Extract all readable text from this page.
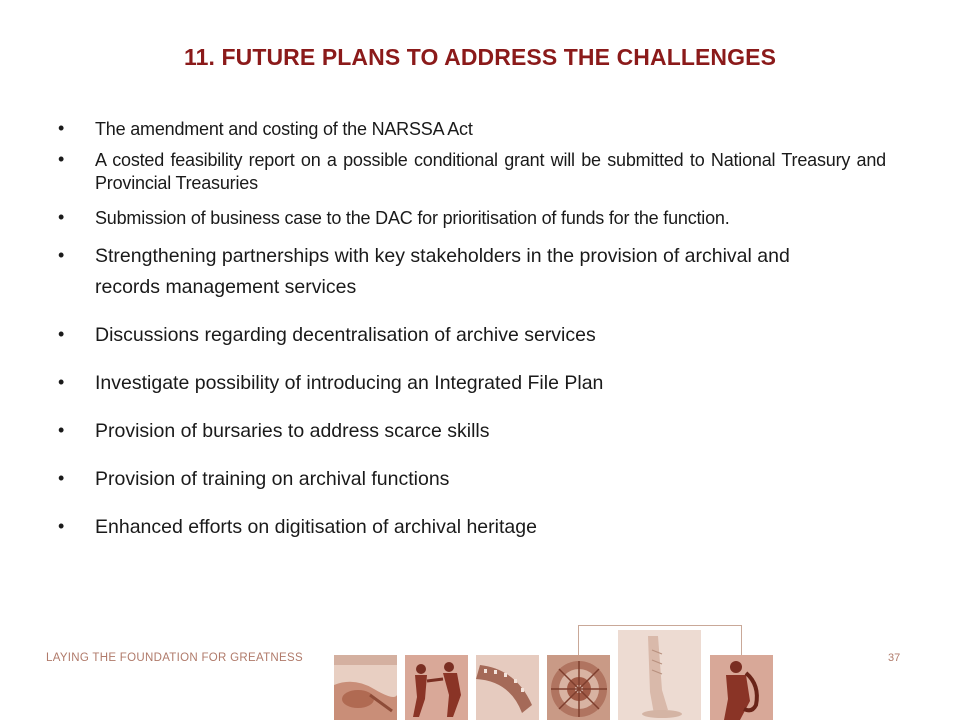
11. FUTURE PLANS TO ADDRESS THE CHALLENGES
• The amendment and costing of the NARSSA Act
• A costed feasibility report on a possible conditional grant will be submitted to National Treasury and Provincial Treasuries
• Submission of business case to the DAC for prioritisation of funds for the function.
• Strengthening partnerships with key stakeholders in the provision of archival and records management services
• Discussions regarding decentralisation of archive services
• Investigate possibility of introducing an Integrated File Plan
• Provision of bursaries to address scarce skills
• Provision of training on archival functions
• Enhanced efforts on digitisation of archival heritage
LAYING THE FOUNDATION FOR GREATNESS	37
